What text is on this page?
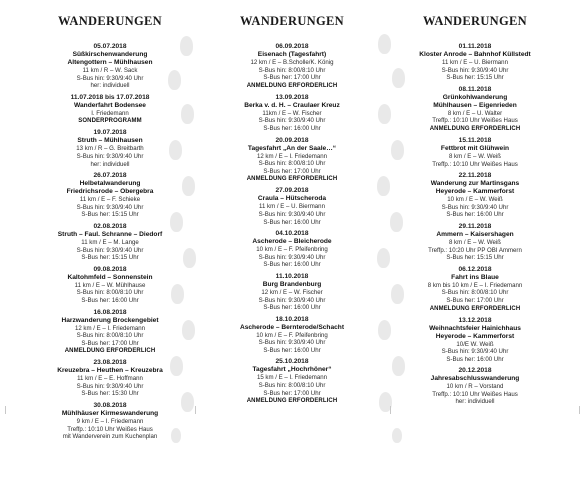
WANDERUNGEN
05.07.2018
Süßkirschenwanderung
Altengottern – Mühlhausen
11 km / R – W. Sack
S-Bus hin: 9:30/9:40 Uhr
her: individuell
11.07.2018 bis 17.07.2018
Wanderfahrt Bodensee
I. Friedemann
SONDERPROGRAMM
19.07.2018
Struth – Mühlhausen
13 km / R – G. Breitbarth
S-Bus hin: 9:30/9:40 Uhr
her: individuell
26.07.2018
Helbetalwanderung
Friedrichsrode – Obergebra
11 km / E – F. Schieke
S-Bus hin: 9:30/9:40 Uhr
S-Bus her: 15:15 Uhr
02.08.2018
Struth – Faul. Schranne – Diedorf
11 km / E – M. Lange
S-Bus hin: 9:30/9:40 Uhr
S-Bus her: 15:15 Uhr
09.08.2018
Kaltohmfeld – Sonnenstein
11 km / E – W. Mühlhause
S-Bus hin: 8:00/8:10 Uhr
S-Bus her: 16:00 Uhr
16.08.2018
Harzwanderung Brockengebiet
12 km / E – I. Friedemann
S-Bus hin: 8:00/8:10 Uhr
S-Bus her: 17:00 Uhr
ANMELDUNG ERFORDERLICH
23.08.2018
Kreuzebra – Heuthen – Kreuzebra
11 km / E – E. Hoffmann
S-Bus hin: 9:30/9:40 Uhr
S-Bus her: 15:30 Uhr
30.08.2018
Mühlhäuser Kirmeswanderung
9 km / E – I. Friedemann
Treffp.: 10:10 Uhr Weißes Haus
mit Wanderverein zum Kuchenplan
WANDERUNGEN
06.09.2018
Eisenach (Tagesfahrt)
12 km / E – B.Scholle/K. König
S-Bus hin: 8:00/8:10 Uhr
S-Bus her: 17:00 Uhr
ANMELDUNG ERFORDERLICH
13.09.2018
Berka v. d. H. – Craulaer Kreuz
11km / E – W. Fischer
S-Bus hin: 9:30/9:40 Uhr
S-Bus her: 16:00 Uhr
20.09.2018
Tagesfahrt „An der Saale…“
12 km / E – I. Friedemann
S-Bus hin: 8:00/8:10 Uhr
S-Bus her: 17:00 Uhr
ANMELDUNG ERFORDERLICH
27.09.2018
Craula – Hütscheroda
11 km / E – U. Biermann
S-Bus hin: 9:30/9:40 Uhr
S-Bus her: 16:00 Uhr
04.10.2018
Ascherode – Bleicherode
10 km / E – F. Pfeifenbring
S-Bus hin: 9:30/9:40 Uhr
S-Bus her: 16:00 Uhr
11.10.2018
Burg Brandenburg
12 km / E – W. Fischer
S-Bus hin: 9:30/9:40 Uhr
S-Bus her: 16:00 Uhr
18.10.2018
Ascherode – Bernterode/Schacht
10 km / E – F. Pfeifenbring
S-Bus hin: 9:30/9:40 Uhr
S-Bus her: 16:00 Uhr
25.10.2018
Tagesfahrt „Hochrhöner“
15 km / E – I. Friedemann
S-Bus hin: 8:00/8:10 Uhr
S-Bus her: 17:00 Uhr
ANMELDUNG ERFORDERLICH
WANDERUNGEN
01.11.2018
Kloster Anrode – Bahnhof Küllstedt
11 km / E – U. Biermann
S-Bus hin: 9:30/9:40 Uhr
S-Bus her: 15:15 Uhr
08.11.2018
Grünkohlwanderung
Mühlhausen – Eigenrieden
8 km / E – U. Walter
Treffp.: 10:10 Uhr Weißes Haus
ANMELDUNG ERFORDERLICH
15.11.2018
Fettbrot mit Glühwein
8 km / E – W. Weiß
Treffp.: 10:10 Uhr Weißes Haus
22.11.2018
Wanderung zur Martinsgans
Heyerode – Kammerforst
10 km / E – W. Weiß
S-Bus hin: 9:30/9:40 Uhr
S-Bus her: 16:00 Uhr
29.11.2018
Ammern – Kaisershagen
8 km / E – W. Weiß
Treffp.: 10:20 Uhr PP OBI Ammern
S-Bus her: 15:15 Uhr
06.12.2018
Fahrt ins Blaue
8 km bis 10 km / E – I. Friedemann
S-Bus hin: 8:00/8:10 Uhr
S-Bus her: 17:00 Uhr
ANMELDUNG ERFORDERLICH
13.12.2018
Weihnachtsfeier Hainichhaus
Heyerode – Kammerforst
10/E W. Weiß
S-Bus hin: 9:30/9:40 Uhr
S-Bus her: 16:00 Uhr
20.12.2018
Jahresabschlusswanderung
10 km / R – Vorstand
Treffp.: 10:10 Uhr Weißes Haus
her: individuell
